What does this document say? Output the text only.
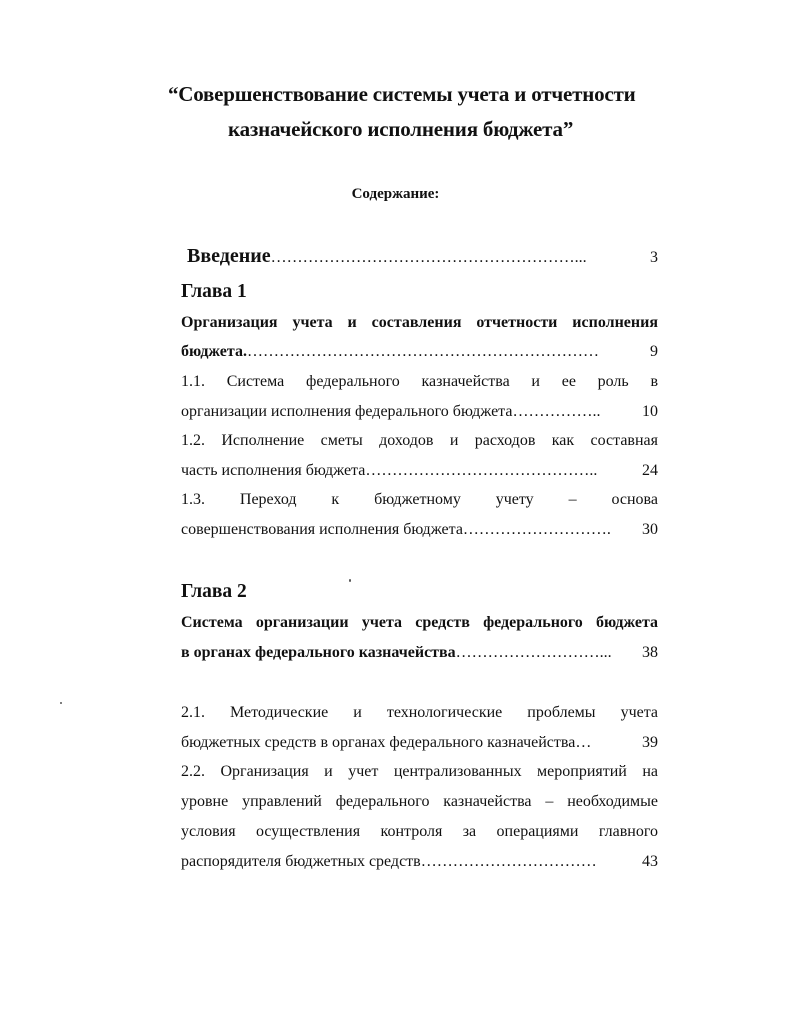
“Совершенствование системы учета и отчетности
казначейского исполнения бюджета”
Содержание:
Введение …………………………………………………...	3
Глава 1
Организация учета и составления отчетности исполнения
бюджета. …………………………………………………………	9
1.1. Система федерального казначейства и ее роль в
организации исполнения федерального бюджета ……………..	10
1.2. Исполнение сметы доходов и расходов как составная
часть исполнения бюджета ……………………………………..	24
1.3. Переход к бюджетному учету – основа
совершенствования исполнения бюджета ……………………….	30
Глава 2
Система организации учета средств федерального бюджета
в органах федерального казначейства ………………………...	38
2.1. Методические и технологические проблемы учета
бюджетных средств в органах федерального казначейства …	39
2.2. Организация и учет централизованных мероприятий на
уровне управлений федерального казначейства – необходимые
условия осуществления контроля за операциями главного
распорядителя бюджетных средств ……………………………	43
